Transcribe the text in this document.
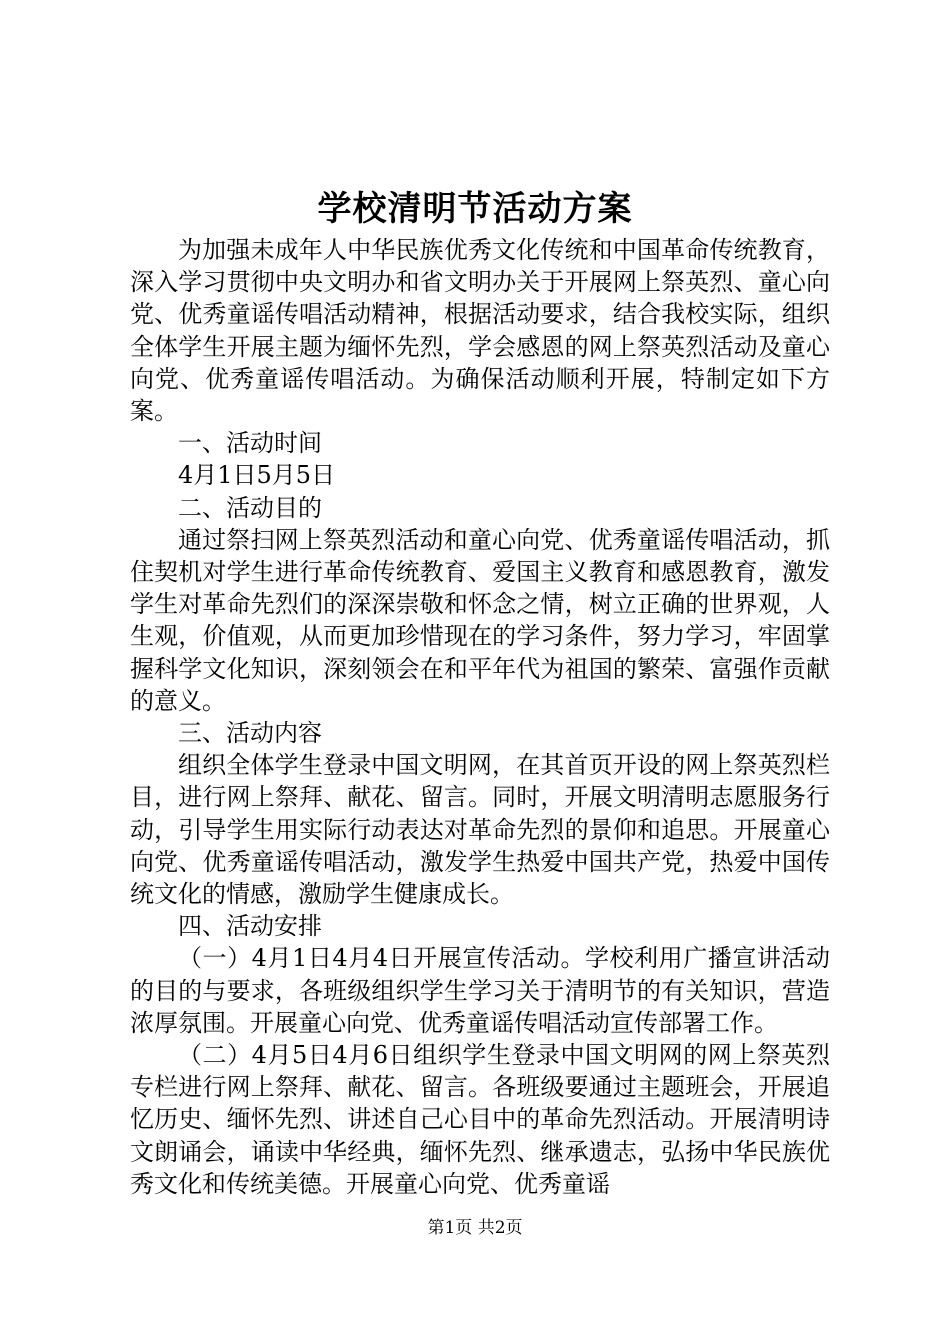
学校清明节活动方案

为加强未成年人中华民族优秀文化传统和中国革命传统教育，深入学习贯彻中央文明办和省文明办关于开展网上祭英烈、童心向党、优秀童谣传唱活动精神，根据活动要求，结合我校实际，组织全体学生开展主题为缅怀先烈，学会感恩的网上祭英烈活动及童心向党、优秀童谣传唱活动。为确保活动顺利开展，特制定如下方案。

一、活动时间

4月1日5月5日

二、活动目的

通过祭扫网上祭英烈活动和童心向党、优秀童谣传唱活动，抓住契机对学生进行革命传统教育、爱国主义教育和感恩教育，激发学生对革命先烈们的深深崇敬和怀念之情，树立正确的世界观，人生观，价值观，从而更加珍惜现在的学习条件，努力学习，牢固掌握科学文化知识，深刻领会在和平年代为祖国的繁荣、富强作贡献的意义。

三、活动内容

组织全体学生登录中国文明网，在其首页开设的网上祭英烈栏目，进行网上祭拜、献花、留言。同时，开展文明清明志愿服务行动，引导学生用实际行动表达对革命先烈的景仰和追思。开展童心向党、优秀童谣传唱活动，激发学生热爱中国共产党，热爱中国传统文化的情感，激励学生健康成长。

四、活动安排

（一）4月1日4月4日开展宣传活动。学校利用广播宣讲活动的目的与要求，各班级组织学生学习关于清明节的有关知识，营造浓厚氛围。开展童心向党、优秀童谣传唱活动宣传部署工作。

（二）4月5日4月6日组织学生登录中国文明网的网上祭英烈专栏进行网上祭拜、献花、留言。各班级要通过主题班会，开展追忆历史、缅怀先烈、讲述自己心目中的革命先烈活动。开展清明诗文朗诵会，诵读中华经典，缅怀先烈、继承遗志，弘扬中华民族优秀文化和传统美德。开展童心向党、优秀童谣

第1页 共2页
